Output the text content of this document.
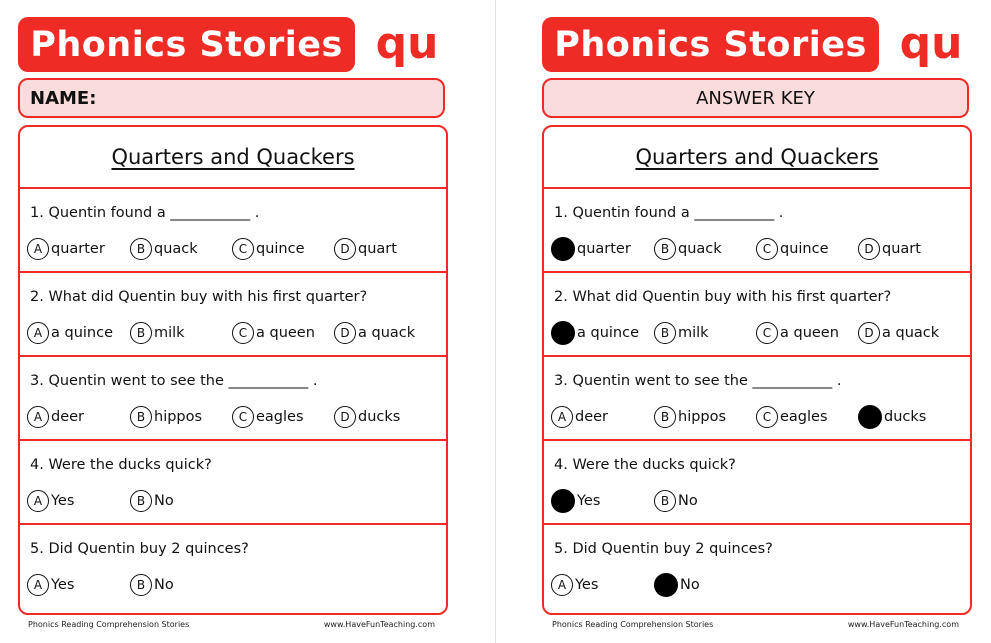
Phonics Stories qu
NAME:
Quarters and Quackers
1. Quentin found a ___________ .
A quarter	B quack	C quince	D quart
2. What did Quentin buy with his first quarter?
A a quince	B milk	C a queen	D a quack
3. Quentin went to see the ___________ .
A deer	B hippos	C eagles	D ducks
4. Were the ducks quick?
A Yes	B No
5. Did Quentin buy 2 quinces?
A Yes	B No
Phonics Reading Comprehension Stories	www.HaveFunTeaching.com
Phonics Stories qu
ANSWER KEY
Quarters and Quackers
1. Quentin found a ___________ .
quarter	B quack	C quince	D quart
2. What did Quentin buy with his first quarter?
a quince	B milk	C a queen	D a quack
3. Quentin went to see the ___________ .
A deer	B hippos	C eagles	ducks
4. Were the ducks quick?
Yes	B No
5. Did Quentin buy 2 quinces?
A Yes	No
Phonics Reading Comprehension Stories	www.HaveFunTeaching.com
